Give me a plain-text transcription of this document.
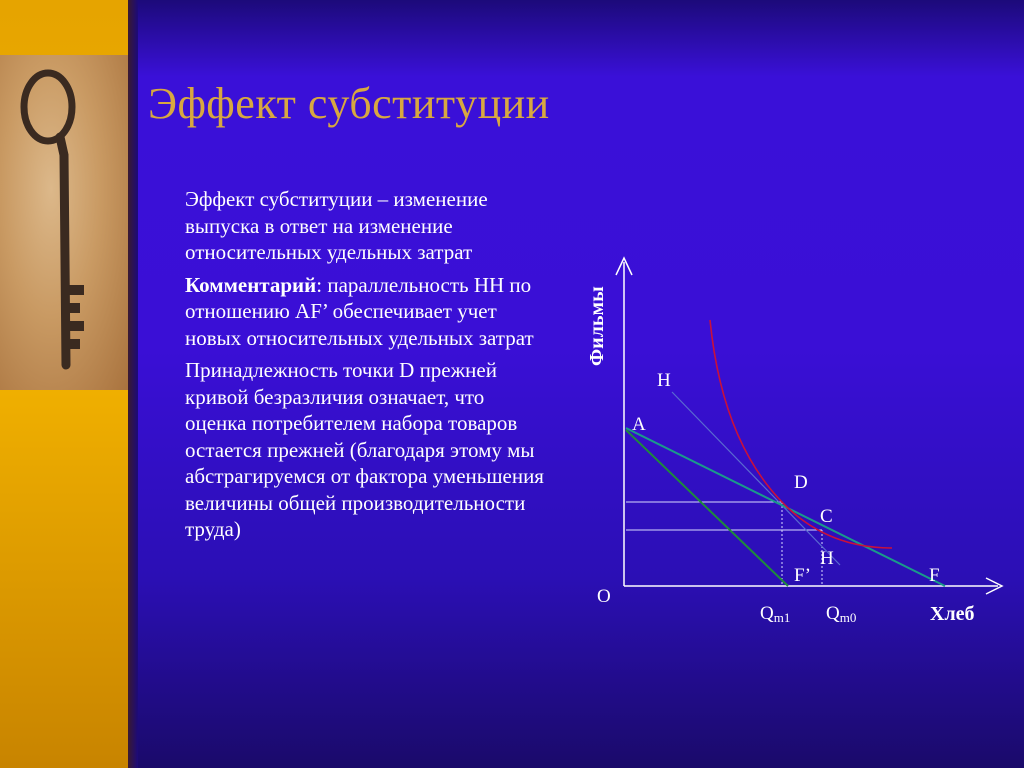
Эффект субституции

Эффект субституции – изменение выпуска в ответ на изменение относительных удельных затрат

Комментарий: параллельность НН по отношению AF’ обеспечивает учет новых относительных удельных затрат

Принадлежность точки D прежней кривой безразличия означает, что оценка потребителем набора товаров остается прежней (благодаря этому мы абстрагируемся от фактора уменьшения величины общей производительности труда)

Фильмы
Хлеб
O
H
A
D
C
H
F’	F
Qm1 Qm0
